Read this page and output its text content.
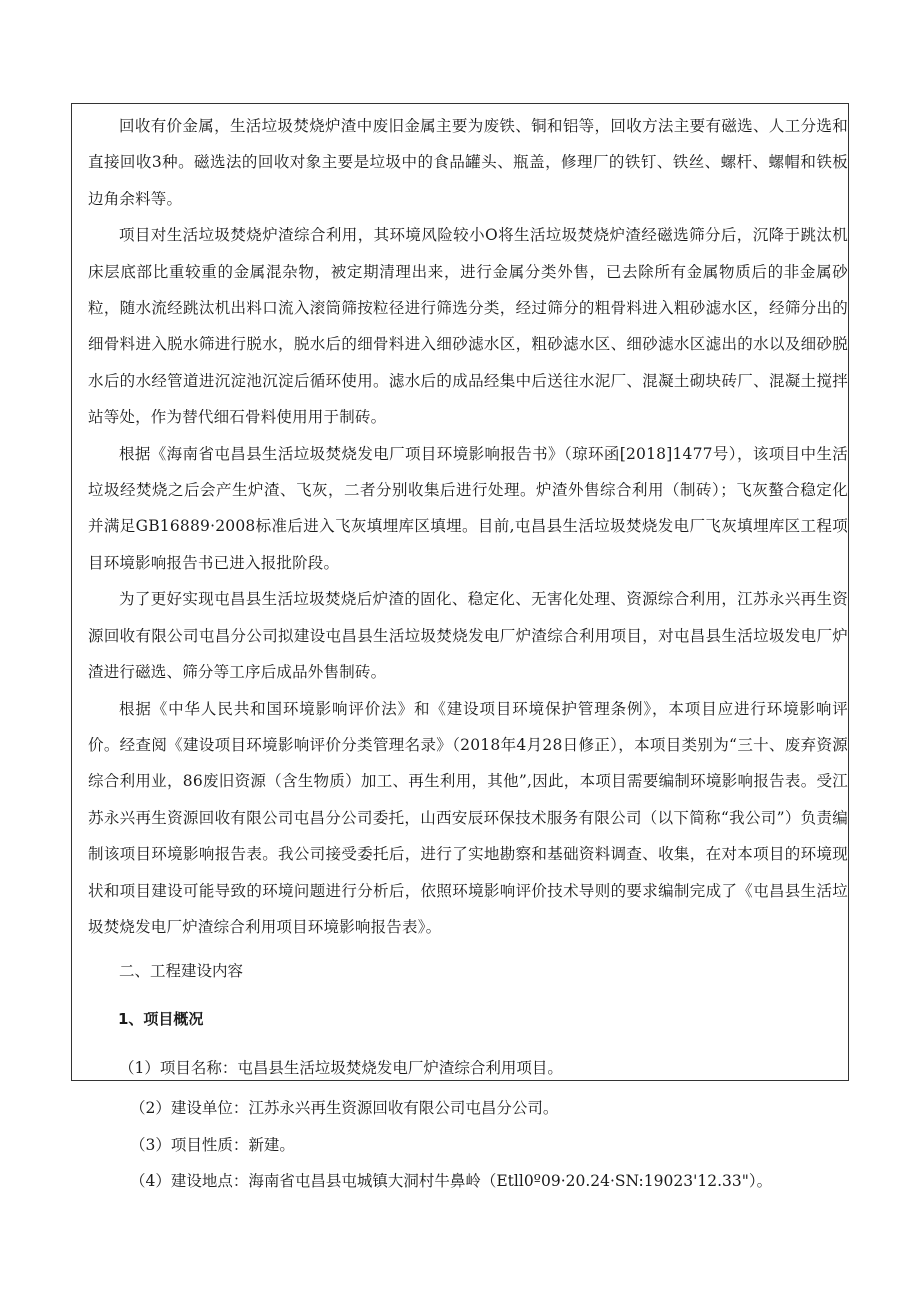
回收有价金属，生活垃圾焚烧炉渣中废旧金属主要为废铁、铜和铝等，回收方法主要有磁选、人工分选和直接回收3种。磁选法的回收对象主要是垃圾中的食品罐头、瓶盖，修理厂的铁钉、铁丝、螺杆、螺帽和铁板边角余料等。

项目对生活垃圾焚烧炉渣综合利用，其环境风险较小O将生活垃圾焚烧炉渣经磁选筛分后，沉降于跳汰机床层底部比重较重的金属混杂物，被定期清理出来，进行金属分类外售，已去除所有金属物质后的非金属砂粒，随水流经跳汰机出料口流入滚筒筛按粒径进行筛选分类，经过筛分的粗骨料进入粗砂滤水区，经筛分出的细骨料进入脱水筛进行脱水，脱水后的细骨料进入细砂滤水区，粗砂滤水区、细砂滤水区滤出的水以及细砂脱水后的水经管道进沉淀池沉淀后循环使用。滤水后的成品经集中后送往水泥厂、混凝土砌块砖厂、混凝土搅拌站等处，作为替代细石骨料使用用于制砖。

根据《海南省屯昌县生活垃圾焚烧发电厂项目环境影响报告书》（琼环函[2018]1477号），该项目中生活垃圾经焚烧之后会产生炉渣、飞灰，二者分别收集后进行处理。炉渣外售综合利用（制砖）；飞灰螯合稳定化并满足GB16889·2008标准后进入飞灰填埋库区填埋。目前,屯昌县生活垃圾焚烧发电厂飞灰填埋库区工程项目环境影响报告书已进入报批阶段。

为了更好实现屯昌县生活垃圾焚烧后炉渣的固化、稳定化、无害化处理、资源综合利用，江苏永兴再生资源回收有限公司屯昌分公司拟建设屯昌县生活垃圾焚烧发电厂炉渣综合利用项目，对屯昌县生活垃圾发电厂炉渣进行磁选、筛分等工序后成品外售制砖。

根据《中华人民共和国环境影响评价法》和《建设项目环境保护管理条例》，本项目应进行环境影响评价。经查阅《建设项目环境影响评价分类管理名录》（2018年4月28日修正），本项目类别为“三十、废弃资源综合利用业，86废旧资源（含生物质）加工、再生利用，其他”,因此，本项目需要编制环境影响报告表。受江苏永兴再生资源回收有限公司屯昌分公司委托，山西安辰环保技术服务有限公司（以下简称“我公司”）负责编制该项目环境影响报告表。我公司接受委托后，进行了实地勘察和基础资料调查、收集，在对本项目的环境现状和项目建设可能导致的环境问题进行分析后，依照环境影响评价技术导则的要求编制完成了《屯昌县生活垃圾焚烧发电厂炉渣综合利用项目环境影响报告表》。

二、工程建设内容

1、项目概况

（1）项目名称：屯昌县生活垃圾焚烧发电厂炉渣综合利用项目。

（2）建设单位：江苏永兴再生资源回收有限公司屯昌分公司。

（3）项目性质：新建。

（4）建设地点：海南省屯昌县屯城镇大洞村牛鼻岭（Etll0º09·20.24·SN:19023'12.33"）。
